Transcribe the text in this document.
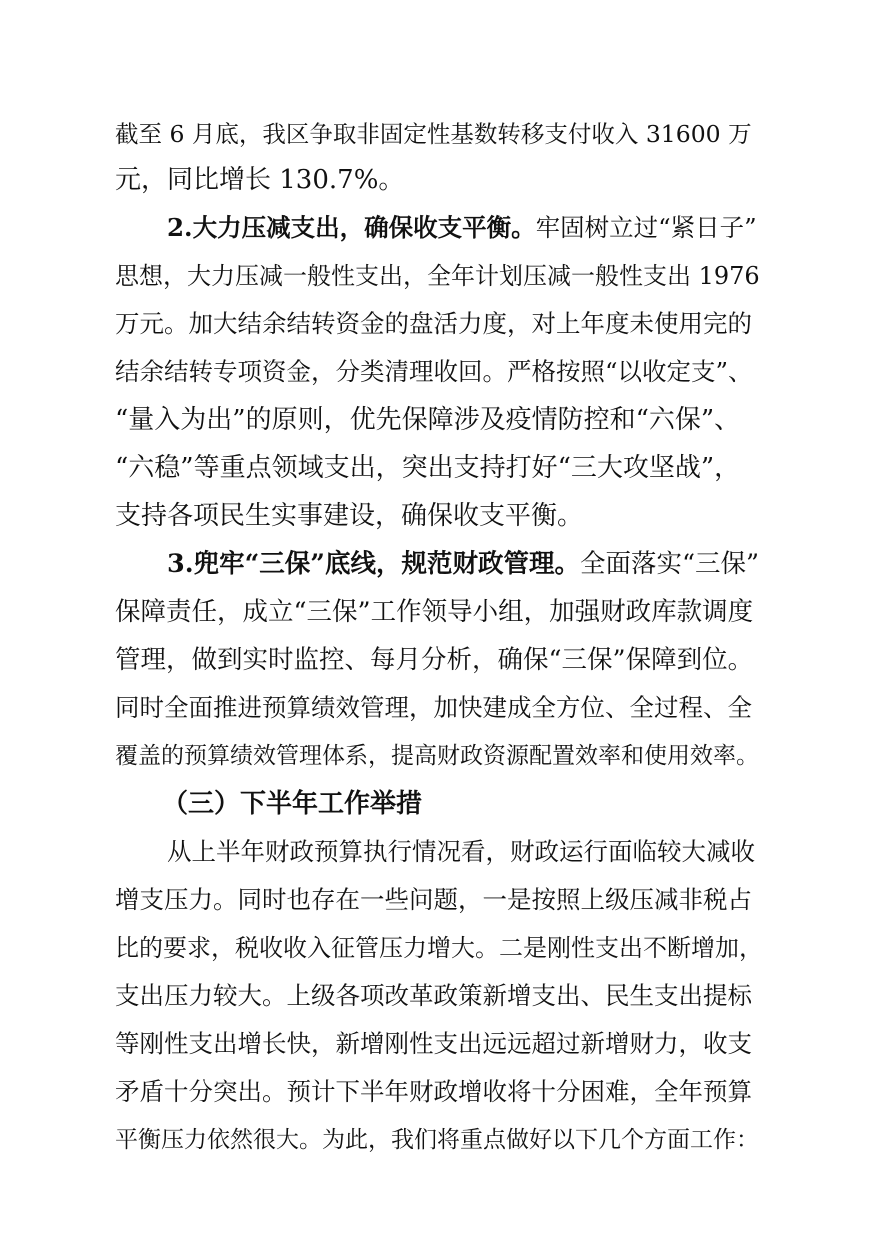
截至 6 月底，我区争取非固定性基数转移支付收入 31600 万
元，同比增长 130.7%。
2.大力压减支出，确保收支平衡。牢固树立过“紧日子”
思想，大力压减一般性支出，全年计划压减一般性支出 1976
万元。加大结余结转资金的盘活力度，对上年度未使用完的
结余结转专项资金，分类清理收回。严格按照“以收定支”、
“量入为出”的原则，优先保障涉及疫情防控和“六保”、
“六稳”等重点领域支出，突出支持打好“三大攻坚战”，
支持各项民生实事建设，确保收支平衡。
3.兜牢“三保”底线，规范财政管理。全面落实“三保”
保障责任，成立“三保”工作领导小组，加强财政库款调度
管理，做到实时监控、每月分析，确保“三保”保障到位。
同时全面推进预算绩效管理，加快建成全方位、全过程、全
覆盖的预算绩效管理体系，提高财政资源配置效率和使用效率。
（三）下半年工作举措
从上半年财政预算执行情况看，财政运行面临较大减收
增支压力。同时也存在一些问题，一是按照上级压减非税占
比的要求，税收收入征管压力增大。二是刚性支出不断增加，
支出压力较大。上级各项改革政策新增支出、民生支出提标
等刚性支出增长快，新增刚性支出远远超过新增财力，收支
矛盾十分突出。预计下半年财政增收将十分困难，全年预算
平衡压力依然很大。为此，我们将重点做好以下几个方面工作：
